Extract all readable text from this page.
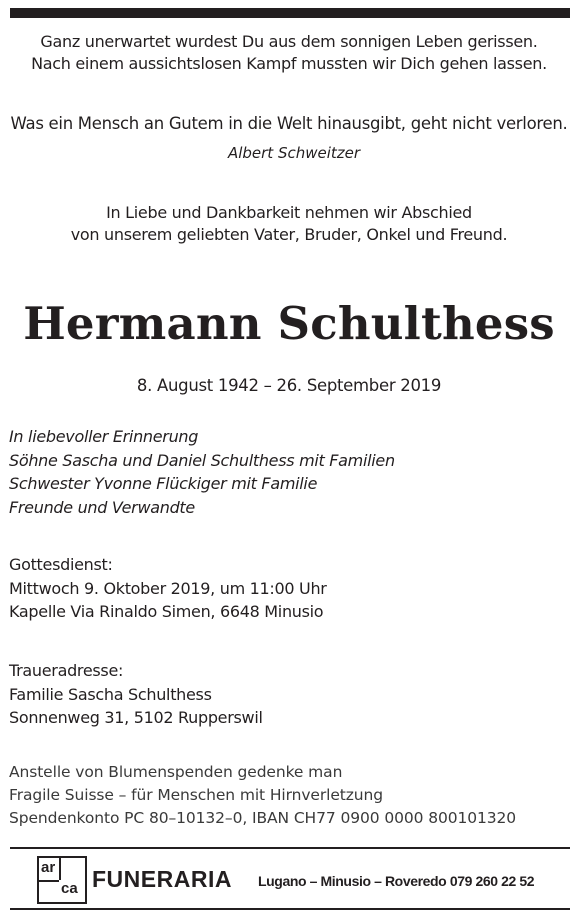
Ganz unerwartet wurdest Du aus dem sonnigen Leben gerissen.
Nach einem aussichtslosen Kampf mussten wir Dich gehen lassen.
Was ein Mensch an Gutem in die Welt hinausgibt, geht nicht verloren.
Albert Schweitzer
In Liebe und Dankbarkeit nehmen wir Abschied
von unserem geliebten Vater, Bruder, Onkel und Freund.
Hermann Schulthess
8. August 1942 – 26. September 2019
In liebevoller Erinnerung
Söhne Sascha und Daniel Schulthess mit Familien
Schwester Yvonne Flückiger mit Familie
Freunde und Verwandte
Gottesdienst:
Mittwoch 9. Oktober 2019, um 11:00 Uhr
Kapelle Via Rinaldo Simen, 6648 Minusio
Traueradresse:
Familie Sascha Schulthess
Sonnenweg 31, 5102 Rupperswil
Anstelle von Blumenspenden gedenke man
Fragile Suisse – für Menschen mit Hirnverletzung
Spendenkonto PC 80–10132–0, IBAN CH77 0900 0000 800101320
ar
ca FUNERARIA Lugano – Minusio – Roveredo 079 260 22 52
